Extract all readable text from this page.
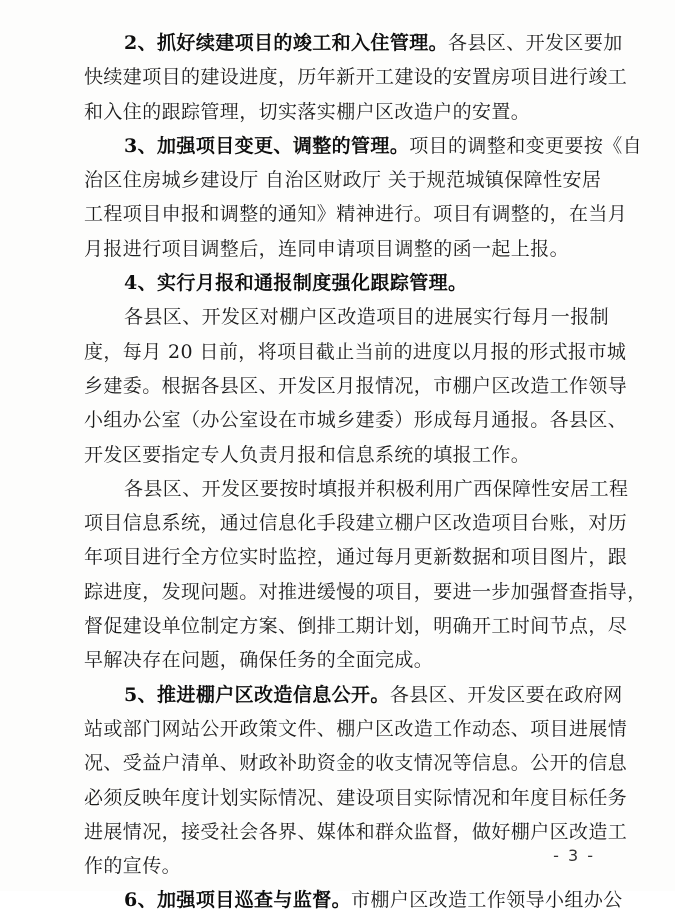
2、抓好续建项目的竣工和入住管理。各县区、开发区要加
快续建项目的建设进度，历年新开工建设的安置房项目进行竣工
和入住的跟踪管理，切实落实棚户区改造户的安置。
3、加强项目变更、调整的管理。项目的调整和变更要按《自
治区住房城乡建设厅 自治区财政厅 关于规范城镇保障性安居
工程项目申报和调整的通知》精神进行。项目有调整的，在当月
月报进行项目调整后，连同申请项目调整的函一起上报。
4、实行月报和通报制度强化跟踪管理。
各县区、开发区对棚户区改造项目的进展实行每月一报制
度，每月 20 日前，将项目截止当前的进度以月报的形式报市城
乡建委。根据各县区、开发区月报情况，市棚户区改造工作领导
小组办公室（办公室设在市城乡建委）形成每月通报。各县区、
开发区要指定专人负责月报和信息系统的填报工作。
各县区、开发区要按时填报并积极利用广西保障性安居工程
项目信息系统，通过信息化手段建立棚户区改造项目台账，对历
年项目进行全方位实时监控，通过每月更新数据和项目图片，跟
踪进度，发现问题。对推进缓慢的项目，要进一步加强督查指导，
督促建设单位制定方案、倒排工期计划，明确开工时间节点，尽
早解决存在问题，确保任务的全面完成。
5、推进棚户区改造信息公开。各县区、开发区要在政府网
站或部门网站公开政策文件、棚户区改造工作动态、项目进展情
况、受益户清单、财政补助资金的收支情况等信息。公开的信息
必须反映年度计划实际情况、建设项目实际情况和年度目标任务
进展情况，接受社会各界、媒体和群众监督，做好棚户区改造工
作的宣传。
6、加强项目巡查与监督。市棚户区改造工作领导小组办公
- 3 -
